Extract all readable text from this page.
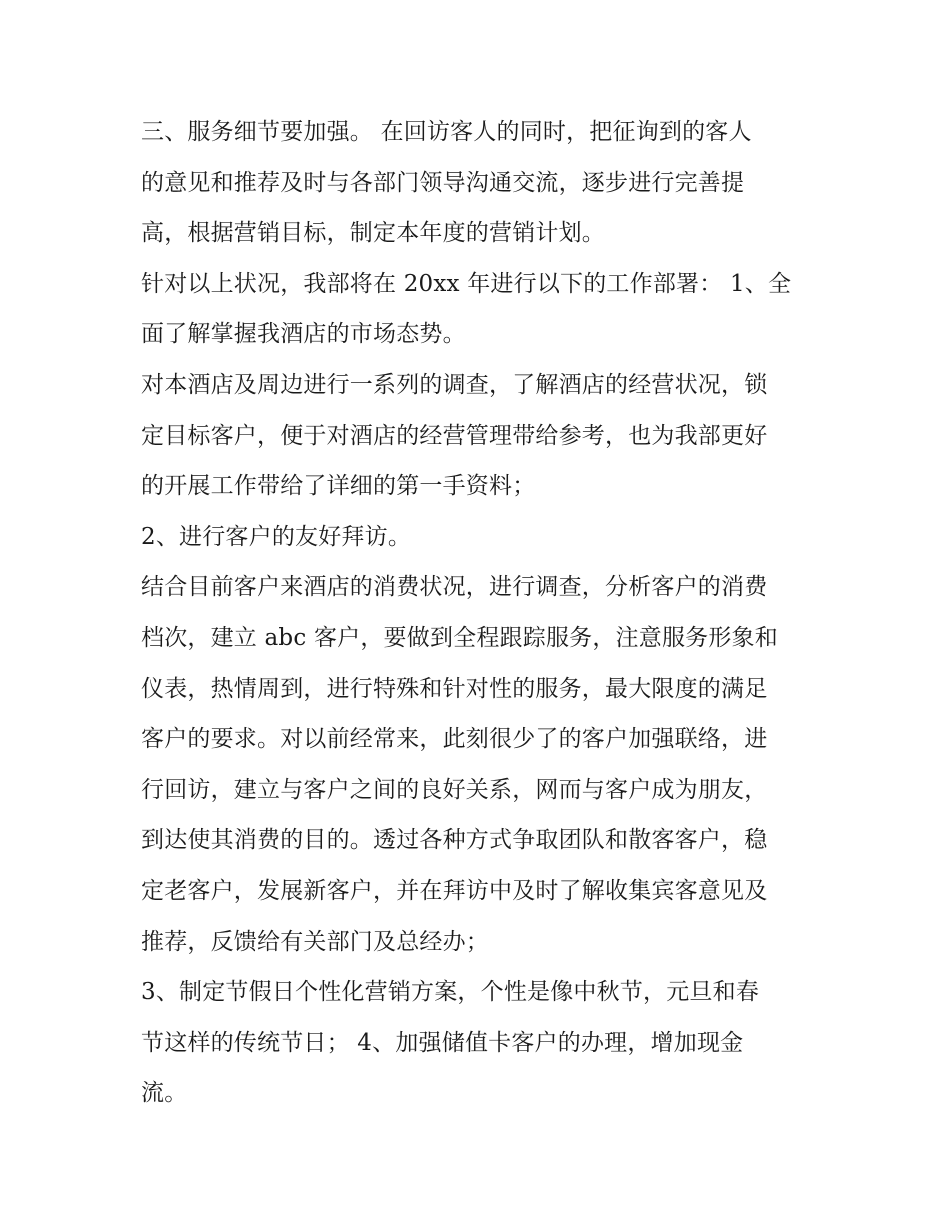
三、服务细节要加强。 在回访客人的同时，把征询到的客人
的意见和推荐及时与各部门领导沟通交流，逐步进行完善提
高，根据营销目标，制定本年度的营销计划。
针对以上状况，我部将在 20xx 年进行以下的工作部署： 1、全
面了解掌握我酒店的市场态势。
对本酒店及周边进行一系列的调查，了解酒店的经营状况，锁
定目标客户，便于对酒店的经营管理带给参考，也为我部更好
的开展工作带给了详细的第一手资料；
2、进行客户的友好拜访。
结合目前客户来酒店的消费状况，进行调查，分析客户的消费
档次，建立 abc 客户，要做到全程跟踪服务，注意服务形象和
仪表，热情周到，进行特殊和针对性的服务，最大限度的满足
客户的要求。对以前经常来，此刻很少了的客户加强联络，进
行回访，建立与客户之间的良好关系，网而与客户成为朋友，
到达使其消费的目的。透过各种方式争取团队和散客客户，稳
定老客户，发展新客户，并在拜访中及时了解收集宾客意见及
推荐，反馈给有关部门及总经办；
3、制定节假日个性化营销方案，个性是像中秋节，元旦和春
节这样的传统节日； 4、加强储值卡客户的办理，增加现金
流。
